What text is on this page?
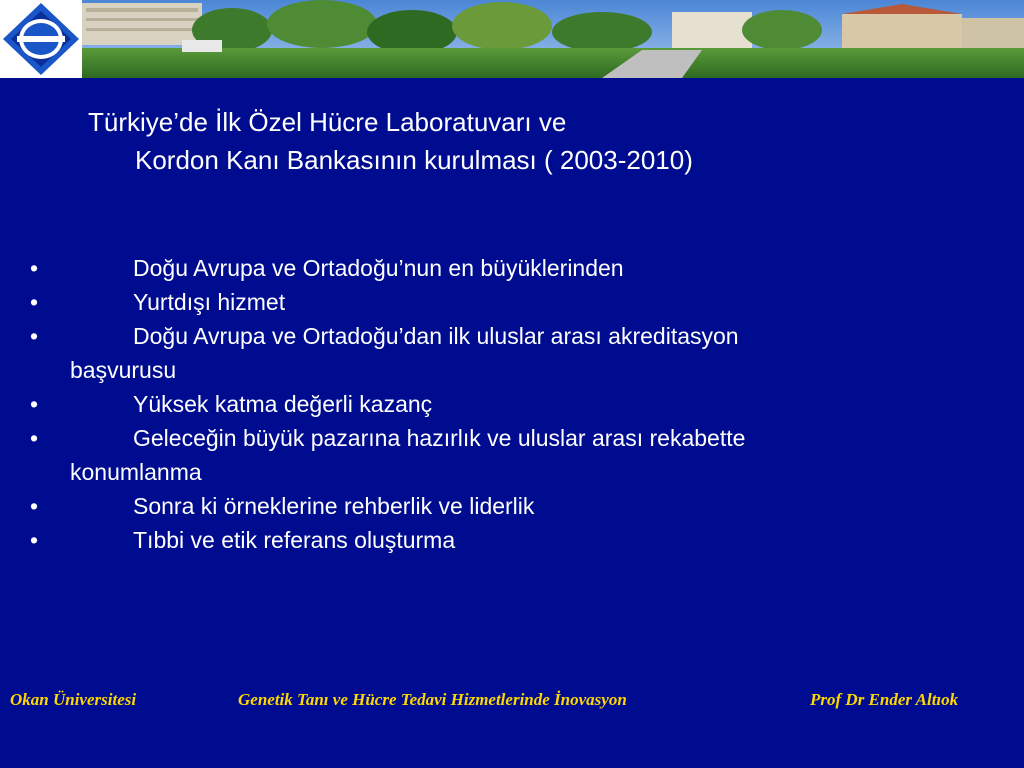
Türkiye’de İlk Özel Hücre Laboratuvarı ve
Kordon Kanı Bankasının kurulması ( 2003-2010)
•	Doğu Avrupa ve Ortadoğu’nun en büyüklerinden
•	Yurtdışı hizmet
•	Doğu Avrupa ve Ortadoğu’dan ilk uluslar arası akreditasyon
başvurusu
•	Yüksek katma değerli kazanç
•	Geleceğin büyük pazarına hazırlık ve uluslar arası rekabette
konumlanma
•	Sonra ki örneklerine rehberlik ve liderlik
•	Tıbbi ve etik referans oluşturma
Okan Üniversitesi	Genetik Tanı ve Hücre Tedavi Hizmetlerinde İnovasyon	Prof Dr Ender Altıok
